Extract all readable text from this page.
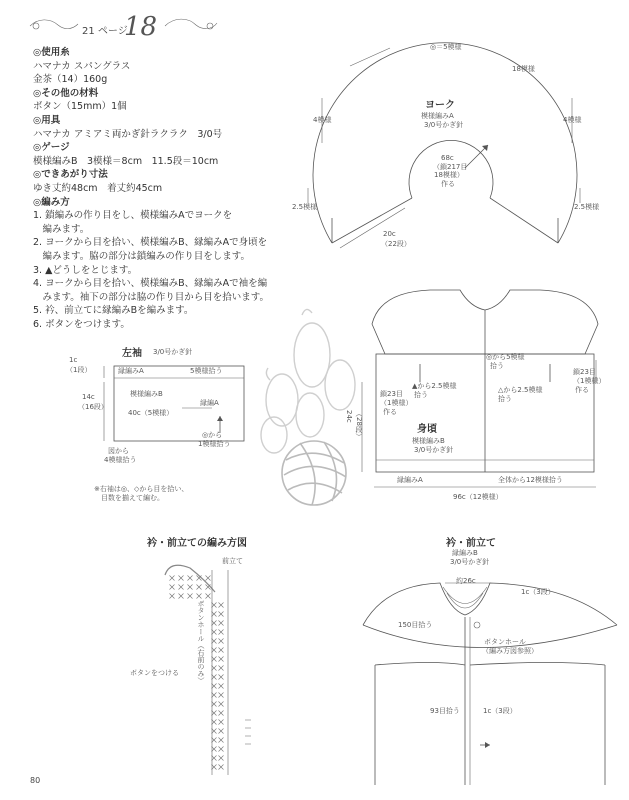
21 ページ
18
◎使用糸
ハマナカ スパングラス
金茶（14）160g
◎その他の材料
ボタン（15mm）1個
◎用具
ハマナカ アミアミ両かぎ針ラクラク　3/0号
◎ゲージ
模様編みB　3模様＝8cm　11.5段＝10cm
◎できあがり寸法
ゆき丈約48cm　着丈約45cm
◎編み方
1. 鎖編みの作り目をし、模様編みAでヨークを
　編みます。
2. ヨークから目を拾い、模様編みB、縁編みAで身頃を
　編みます。脇の部分は鎖編みの作り目をします。
3. ▲どうしをとじます。
4. ヨークから目を拾い、模様編みB、縁編みAで袖を編
　みます。袖下の部分は脇の作り目から目を拾います。
5. 衿、前立てに縁編みBを編みます。
6. ボタンをつけます。
◎＝5模様
18模様
4模様	4模様
2.5模様	2.5模様
ヨーク
模様編みA
3/0号かぎ針
68c
（鎖217目
18模様）
作る
20c
（22段）
左袖 3/0号かぎ針
1c
（1段）	縁編みA	5模様拾う
模様編みB
縁編A
14c
（16段）
40c（5模様）
◎から
1模様拾う
図から
4模様拾う
※右袖は◎、◇から目を拾い、
　目数を揃えて編む。
◎から5模様
拾う
鎖23目
（1模様）
作る
▲から2.5模様
拾う
△から2.5模様
拾う
鎖23目
（1模様）
作る
24c （28段）	身頃
模様編みB
3/0号かぎ針
縁編みA	全体から12模様拾う
96c（12模様）
衿・前立ての編み方図
前立て
ボタンホール（右前のみ）
ボタンをつける
衿・前立て
縁編みB
3/0号かぎ針
約26c
1c（3段）
150目拾う
ボタンホール
（編み方図参照）
93目拾う	1c（3段）
80
